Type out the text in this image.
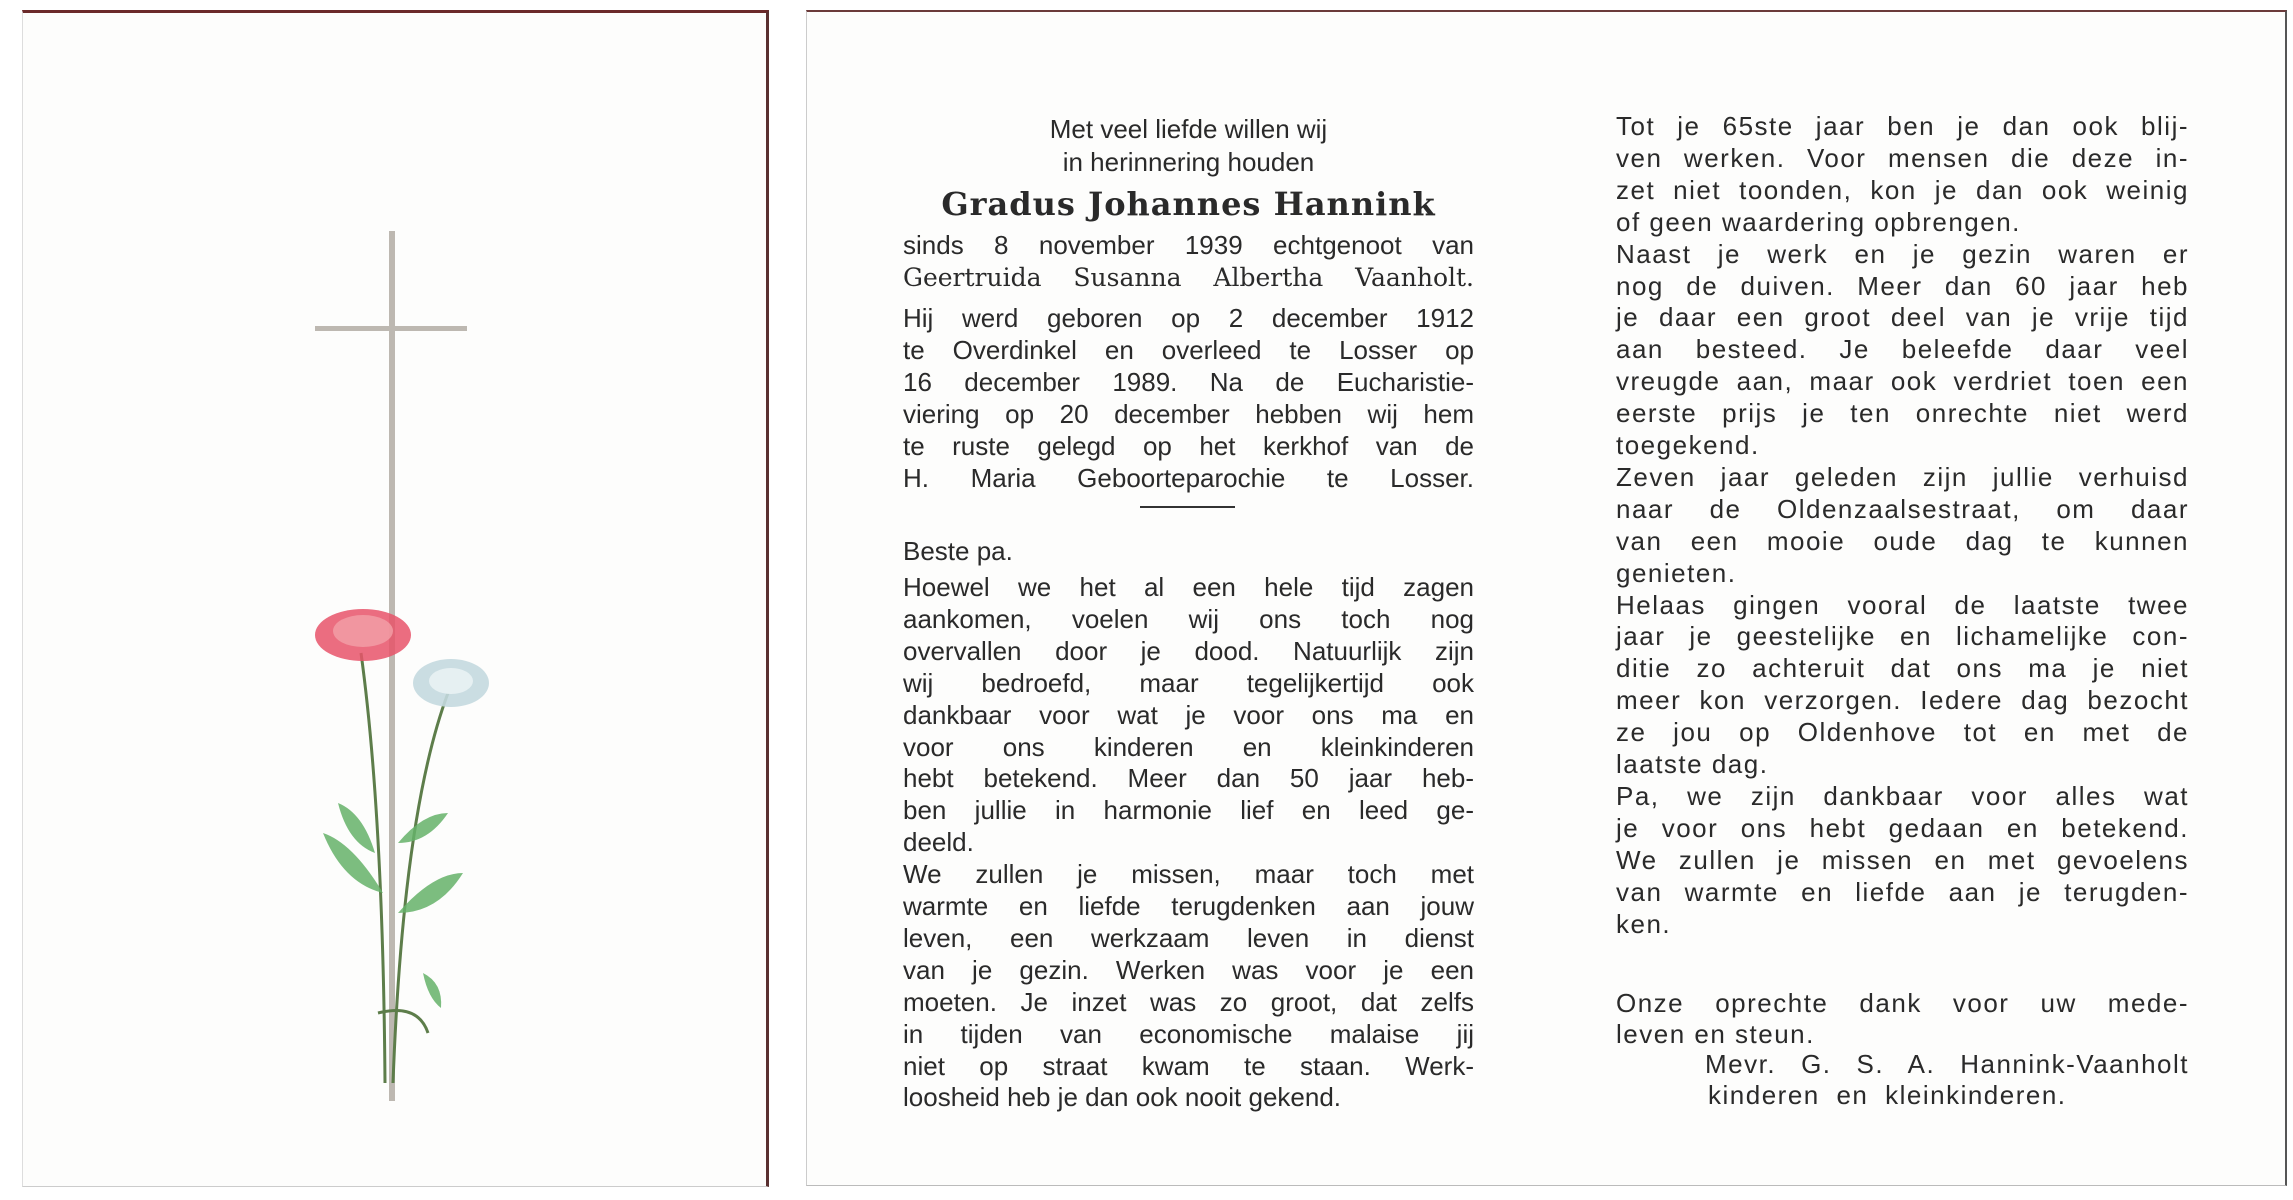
Met veel liefde willen wij
in herinnering houden
Gradus Johannes Hannink
sinds 8 november 1939 echtgenoot van
Geertruida Susanna Albertha Vaanholt.
Hij werd geboren op 2 december 1912
te Overdinkel en overleed te Losser op
16 december 1989. Na de Eucharistie-
viering op 20 december hebben wij hem
te ruste gelegd op het kerkhof van de
H. Maria Geboorteparochie te Losser.
Beste pa.
Hoewel we het al een hele tijd zagen
aankomen, voelen wij ons toch nog
overvallen door je dood. Natuurlijk zijn
wij bedroefd, maar tegelijkertijd ook
dankbaar voor wat je voor ons ma en
voor ons kinderen en kleinkinderen
hebt betekend. Meer dan 50 jaar heb-
ben jullie in harmonie lief en leed ge-
deeld.
We zullen je missen, maar toch met
warmte en liefde terugdenken aan jouw
leven, een werkzaam leven in dienst
van je gezin. Werken was voor je een
moeten. Je inzet was zo groot, dat zelfs
in tijden van economische malaise jij
niet op straat kwam te staan. Werk-
loosheid heb je dan ook nooit gekend.
Tot je 65ste jaar ben je dan ook blij-
ven werken. Voor mensen die deze in-
zet niet toonden, kon je dan ook weinig
of geen waardering opbrengen.
Naast je werk en je gezin waren er
nog de duiven. Meer dan 60 jaar heb
je daar een groot deel van je vrije tijd
aan besteed. Je beleefde daar veel
vreugde aan, maar ook verdriet toen een
eerste prijs je ten onrechte niet werd
toegekend.
Zeven jaar geleden zijn jullie verhuisd
naar de Oldenzaalsestraat, om daar
van een mooie oude dag te kunnen
genieten.
Helaas gingen vooral de laatste twee
jaar je geestelijke en lichamelijke con-
ditie zo achteruit dat ons ma je niet
meer kon verzorgen. Iedere dag bezocht
ze jou op Oldenhove tot en met de
laatste dag.
Pa, we zijn dankbaar voor alles wat
je voor ons hebt gedaan en betekend.
We zullen je missen en met gevoelens
van warmte en liefde aan je terugden-
ken.
Onze oprechte dank voor uw mede-
leven en steun.
Mevr. G. S. A. Hannink-Vaanholt
kinderen en kleinkinderen.
